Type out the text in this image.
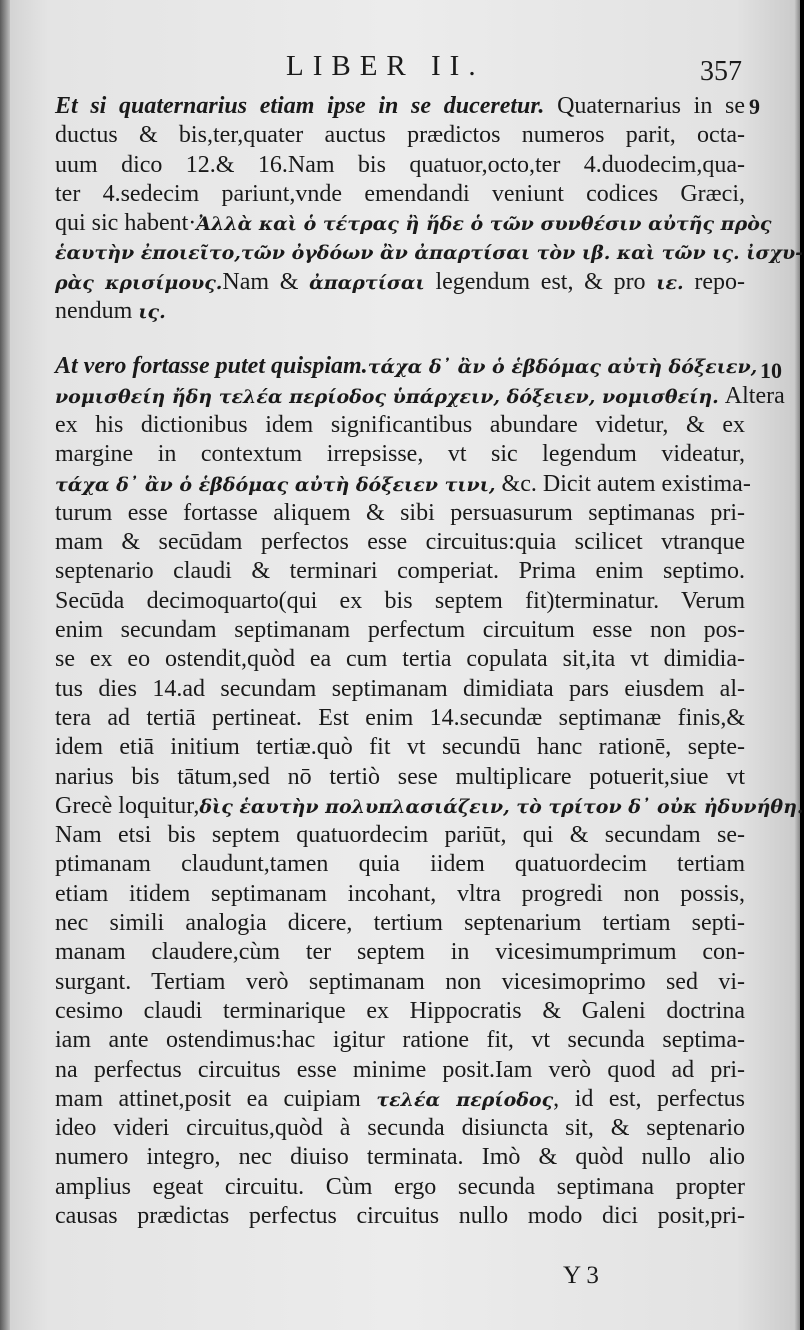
LIBER II.	357
9
10
Et si quaternarius etiam ipse in se duceretur. Quaternarius in se
ductus & bis,ter,quater auctus prædictos numeros parit, octa-
uum dico 12.& 16.Nam bis quatuor,octo,ter 4.duodecim,qua-
ter 4.sedecim pariunt,vnde emendandi veniunt codices Græci,
qui sic habent·Ἀλλὰ καὶ ὁ τέτρας ἢ ἥδε ὁ τῶν συνθέσιν αὐτῆς πρὸς
ἑαυτὴν ἐποιεῖτο,τῶν ὀγδόων ἂν ἀπαρτίσαι τὸν ιβ. καὶ τῶν ις. ἰσχυ-
ρὰς κρισίμους.Nam & ἀπαρτίσαι legendum est, & pro ιε. repo-
nendum ις.
At vero fortasse putet quispiam.τάχα δ᾽ ἂν ὁ ἑβδόμας αὐτὴ δόξειεν,
νομισθείη ἤδη τελέα περίοδος ὑπάρχειν, δόξειεν, νομισθείη. Altera
ex his dictionibus idem significantibus abundare videtur, & ex
margine in contextum irrepsisse, vt sic legendum videatur,
τάχα δ᾽ ἂν ὁ ἑβδόμας αὐτὴ δόξειεν τινι, &c. Dicit autem existima-
turum esse fortasse aliquem & sibi persuasurum septimanas pri-
mam & secūdam perfectos esse circuitus:quia scilicet vtranque
septenario claudi & terminari comperiat. Prima enim septimo.
Secūda decimoquarto(qui ex bis septem fit)terminatur. Verum
enim secundam septimanam perfectum circuitum esse non pos-
se ex eo ostendit,quòd ea cum tertia copulata sit,ita vt dimidia-
tus dies 14.ad secundam septimanam dimidiata pars eiusdem al-
tera ad tertiā pertineat. Est enim 14.secundæ septimanæ finis,&
idem etiā initium tertiæ.quò fit vt secundū hanc rationē, septe-
narius bis tātum,sed nō tertiò sese multiplicare potuerit,siue vt
Grecè loquitur,δὶς ἑαυτὴν πολυπλασιάζειν, τὸ τρίτον δ᾽ οὐκ ἠδυνήθη.
Nam etsi bis septem quatuordecim pariūt, qui & secundam se-
ptimanam claudunt,tamen quia iidem quatuordecim tertiam
etiam itidem septimanam incohant, vltra progredi non possis,
nec simili analogia dicere, tertium septenarium tertiam septi-
manam claudere,cùm ter septem in vicesimumprimum con-
surgant. Tertiam verò septimanam non vicesimoprimo sed vi-
cesimo claudi terminarique ex Hippocratis & Galeni doctrina
iam ante ostendimus:hac igitur ratione fit, vt secunda septima-
na perfectus circuitus esse minime posit.Iam verò quod ad pri-
mam attinet,posit ea cuipiam τελέα περίοδος, id est, perfectus
ideo videri circuitus,quòd à secunda disiuncta sit, & septenario
numero integro, nec diuiso terminata. Imò & quòd nullo alio
amplius egeat circuitu. Cùm ergo secunda septimana propter
causas prædictas perfectus circuitus nullo modo dici posit,pri-
Y 3
